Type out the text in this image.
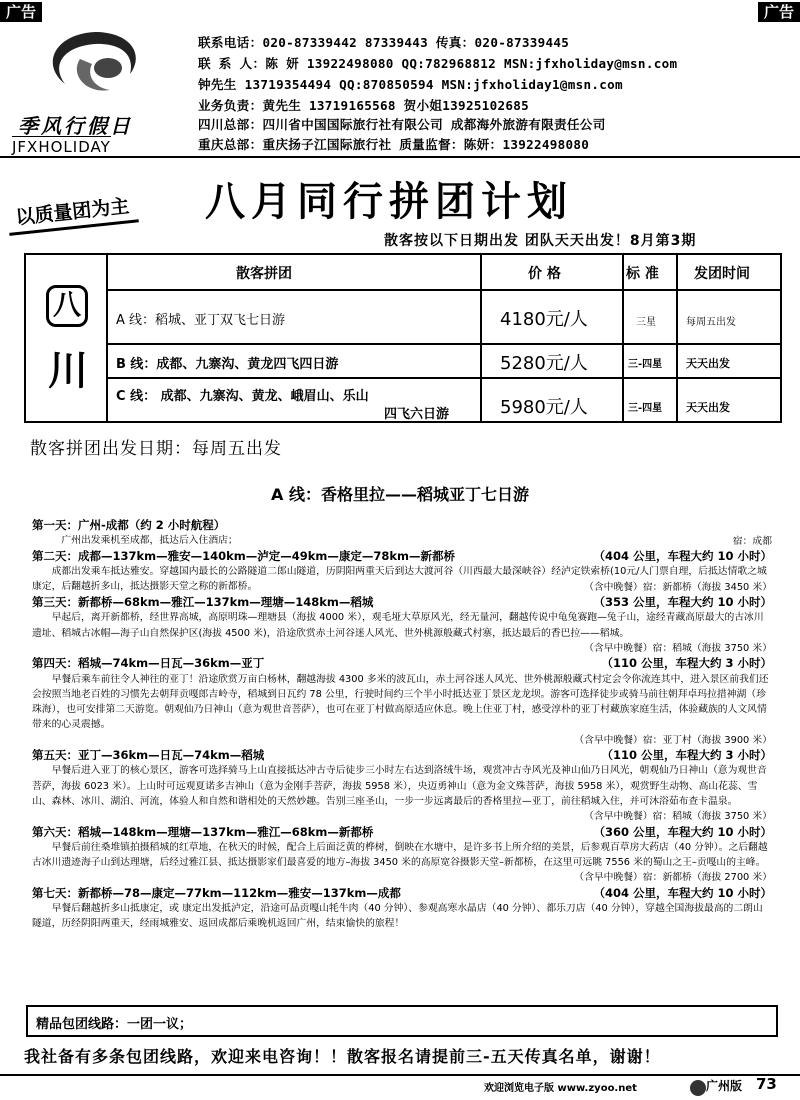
广告	广告
季风行假日
JFXHOLIDAY
联系电话：020-87339442 87339443 传真：020-87339445
联 系 人：陈 妍 13922498080 QQ:782968812 MSN:jfxholiday@msn.com
钟先生 13719354494 QQ:870850594 MSN:jfxholiday1@msn.com
业务负责：黄先生 13719165568 贺小姐13925102685
四川总部：四川省中国国际旅行社有限公司 成都海外旅游有限责任公司
重庆总部：重庆扬子江国际旅行社 质量监督：陈妍：13922498080
以质量团为主 八月同行拼团计划
散客按以下日期出发 团队天天出发！8月第3期
八
川
散客拼团	价 格	标 准	发团时间
A 线：稻城、亚丁双飞七日游	4180元/人	三星	每周五出发
B 线：成都、九寨沟、黄龙四飞四日游	5280元/人	三-四星 天天出发
C 线： 成都、九寨沟、黄龙、峨眉山、乐山
四飞六日游	5980元/人	三-四星 天天出发
散客拼团出发日期：每周五出发
A 线：香格里拉——稻城亚丁七日游
第一天：广州-成都（约 2 小时航程）
广州出发乘机至成都，抵达后入住酒店；	宿：成都
第二天：成都—137km—雅安—140km—泸定—49km—康定—78km—新都桥	（404 公里，车程大约 10 小时）
成都出发乘车抵达雅安。穿越国内最长的公路隧道二郎山隧道，历阴阳两重天后到达大渡河谷（川西最大最深峡谷）经泸定铁索桥(10元/人门票自理，后抵达情歌之城康定，后翻越折多山，抵达摄影天堂之称的新都桥。	（含中晚餐）宿：新都桥（海拔 3450 米）
第三天：新都桥—68km—雅江—137km—理塘—148km—稻城	（353 公里，车程大约 10 小时）
早起后，离开新都桥，经世界高城，高原明珠—理塘县（海拔 4000 米），观毛垭大草原风光，经无量河，翻越传说中龟兔赛跑—兔子山，途经青藏高原最大的古冰川遗址、稻城古冰帽—海子山自然保护区(海拔 4500 米)，沿途欣赏赤土河谷迷人风光、世外桃源般藏式村寨，抵达最后的香巴拉——稻城。
（含早中晚餐）宿：稻城（海拔 3750 米）
第四天：稻城—74km—日瓦—36km—亚丁	（110 公里，车程大约 3 小时）
早餐后乘车前往令人神往的亚丁！沿途欣赏万亩白杨林，翻越海拔 4300 多米的波瓦山，赤土河谷迷人风光、世外桃源般藏式村定会令你流连其中，进入景区前我们还会按照当地老百姓的习惯先去朝拜贡嘎郎吉岭寺，稻城到日瓦约 78 公里，行驶时间约三个半小时抵达亚丁景区龙龙坝。游客可选择徒步或骑马前往朝拜卓玛拉措神湖（珍珠海），也可安排第二天游览。朝观仙乃日神山（意为观世音菩萨），也可在亚丁村做高原适应休息。晚上住亚丁村，感受淳朴的亚丁村藏族家庭生活，体验藏族的人文风情带来的心灵震撼。
（含早中晚餐）宿：亚丁村（海拔 3900 米）
第五天：亚丁—36km—日瓦—74km—稻城	（110 公里，车程大约 3 小时）
早餐后进入亚丁的核心景区，游客可选择骑马上山直接抵达冲古寺后徒步三小时左右达到洛绒牛场，观赏冲古寺风光及神山仙乃日风光，朝观仙乃日神山（意为观世音菩萨，海拔 6023 米）。上山时可远观夏诺多吉神山（意为金刚手菩萨，海拔 5958 米），央迈勇神山（意为金文殊菩萨，海拔 5958 米），观赏野生动物、高山花蕊、雪山、森林、冰川、湖泊、河流，体验人和自然和谐相处的天然妙趣。告别三座圣山，一步一步远离最后的香格里拉—亚丁，前往稻城入住，并可沐浴茹布查卡温泉。
（含早中晚餐）宿：稻城（海拔 3750 米）
第六天：稻城—148km—理塘—137km—雅江—68km—新都桥	（360 公里，车程大约 10 小时）
早餐后前往桑堆镇拍摄稻城的红草地，在秋天的时候，配合上后面泛黄的桦树，倒映在水塘中，是许多书上所介绍的美景，后参观百草房大药店（40 分钟）。之后翻越古冰川遗迹海子山到达理塘，后经过雅江县、抵达摄影家们最喜爱的地方–海拔 3450 米的高原宽谷摄影天堂–新都桥，在这里可远眺 7556 米的蜀山之王–贡嘎山的主峰。
（含早中晚餐）宿：新都桥（海拔 2700 米）
第七天：新都桥—78—康定—77km—112km—雅安—137km—成都	（404 公里，车程大约 10 小时）
早餐后翻越折多山抵康定，或 康定出发抵泸定，沿途可品贡嘎山牦牛肉（40 分钟）、参观高寒水晶店（40 分钟）、都乐刀店（40 分钟），穿越全国海拔最高的二朗山隧道，历经阴阳两重天，经雨城雅安、返回成都后乘晚机返回广州，结束愉快的旅程！
精品包团线路：一团一议；
我社备有多条包团线路，欢迎来电咨询！！散客报名请提前三-五天传真名单，谢谢！
欢迎浏览电子版 www.zyoo.net	广州版 73
